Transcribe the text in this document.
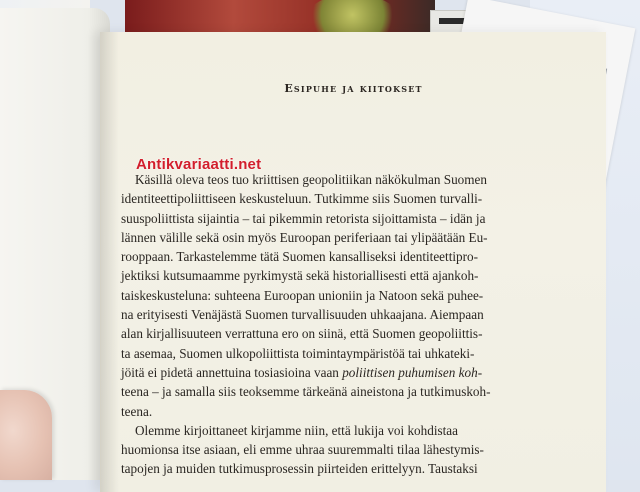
Esipuhe ja kiitokset
Käsillä oleva teos tuo kriittisen geopolitiikan näkökulman Suomen
identiteettipoliittiseen keskusteluun. Tutkimme siis Suomen turvalli-
suuspoliittista sijaintia – tai pikemmin retorista sijoittamista – idän ja
lännen välille sekä osin myös Euroopan periferiaan tai ylipäätään Eu-
rooppaan. Tarkastelemme tätä Suomen kansalliseksi identiteettipro-
jektiksi kutsumaamme pyrkimystä sekä historiallisesti että ajankoh-
taiskeskusteluna: suhteena Euroopan unioniin ja Natoon sekä puhee-
na erityisesti Venäjästä Suomen turvallisuuden uhkaajana. Aiempaan
alan kirjallisuuteen verrattuna ero on siinä, että Suomen geopoliittis-
ta asemaa, Suomen ulkopoliittista toimintaympäristöä tai uhkateki-
jöitä ei pidetä annettuina tosiasioina vaan poliittisen puhumisen koh-
teena – ja samalla siis teoksemme tärkeänä aineistona ja tutkimuskoh-
teena.
Olemme kirjoittaneet kirjamme niin, että lukija voi kohdistaa
huomionsa itse asiaan, eli emme uhraa suuremmalti tilaa lähestymis-
tapojen ja muiden tutkimusprosessin piirteiden erittelyyn. Taustaksi
Antikvariaatti.net
